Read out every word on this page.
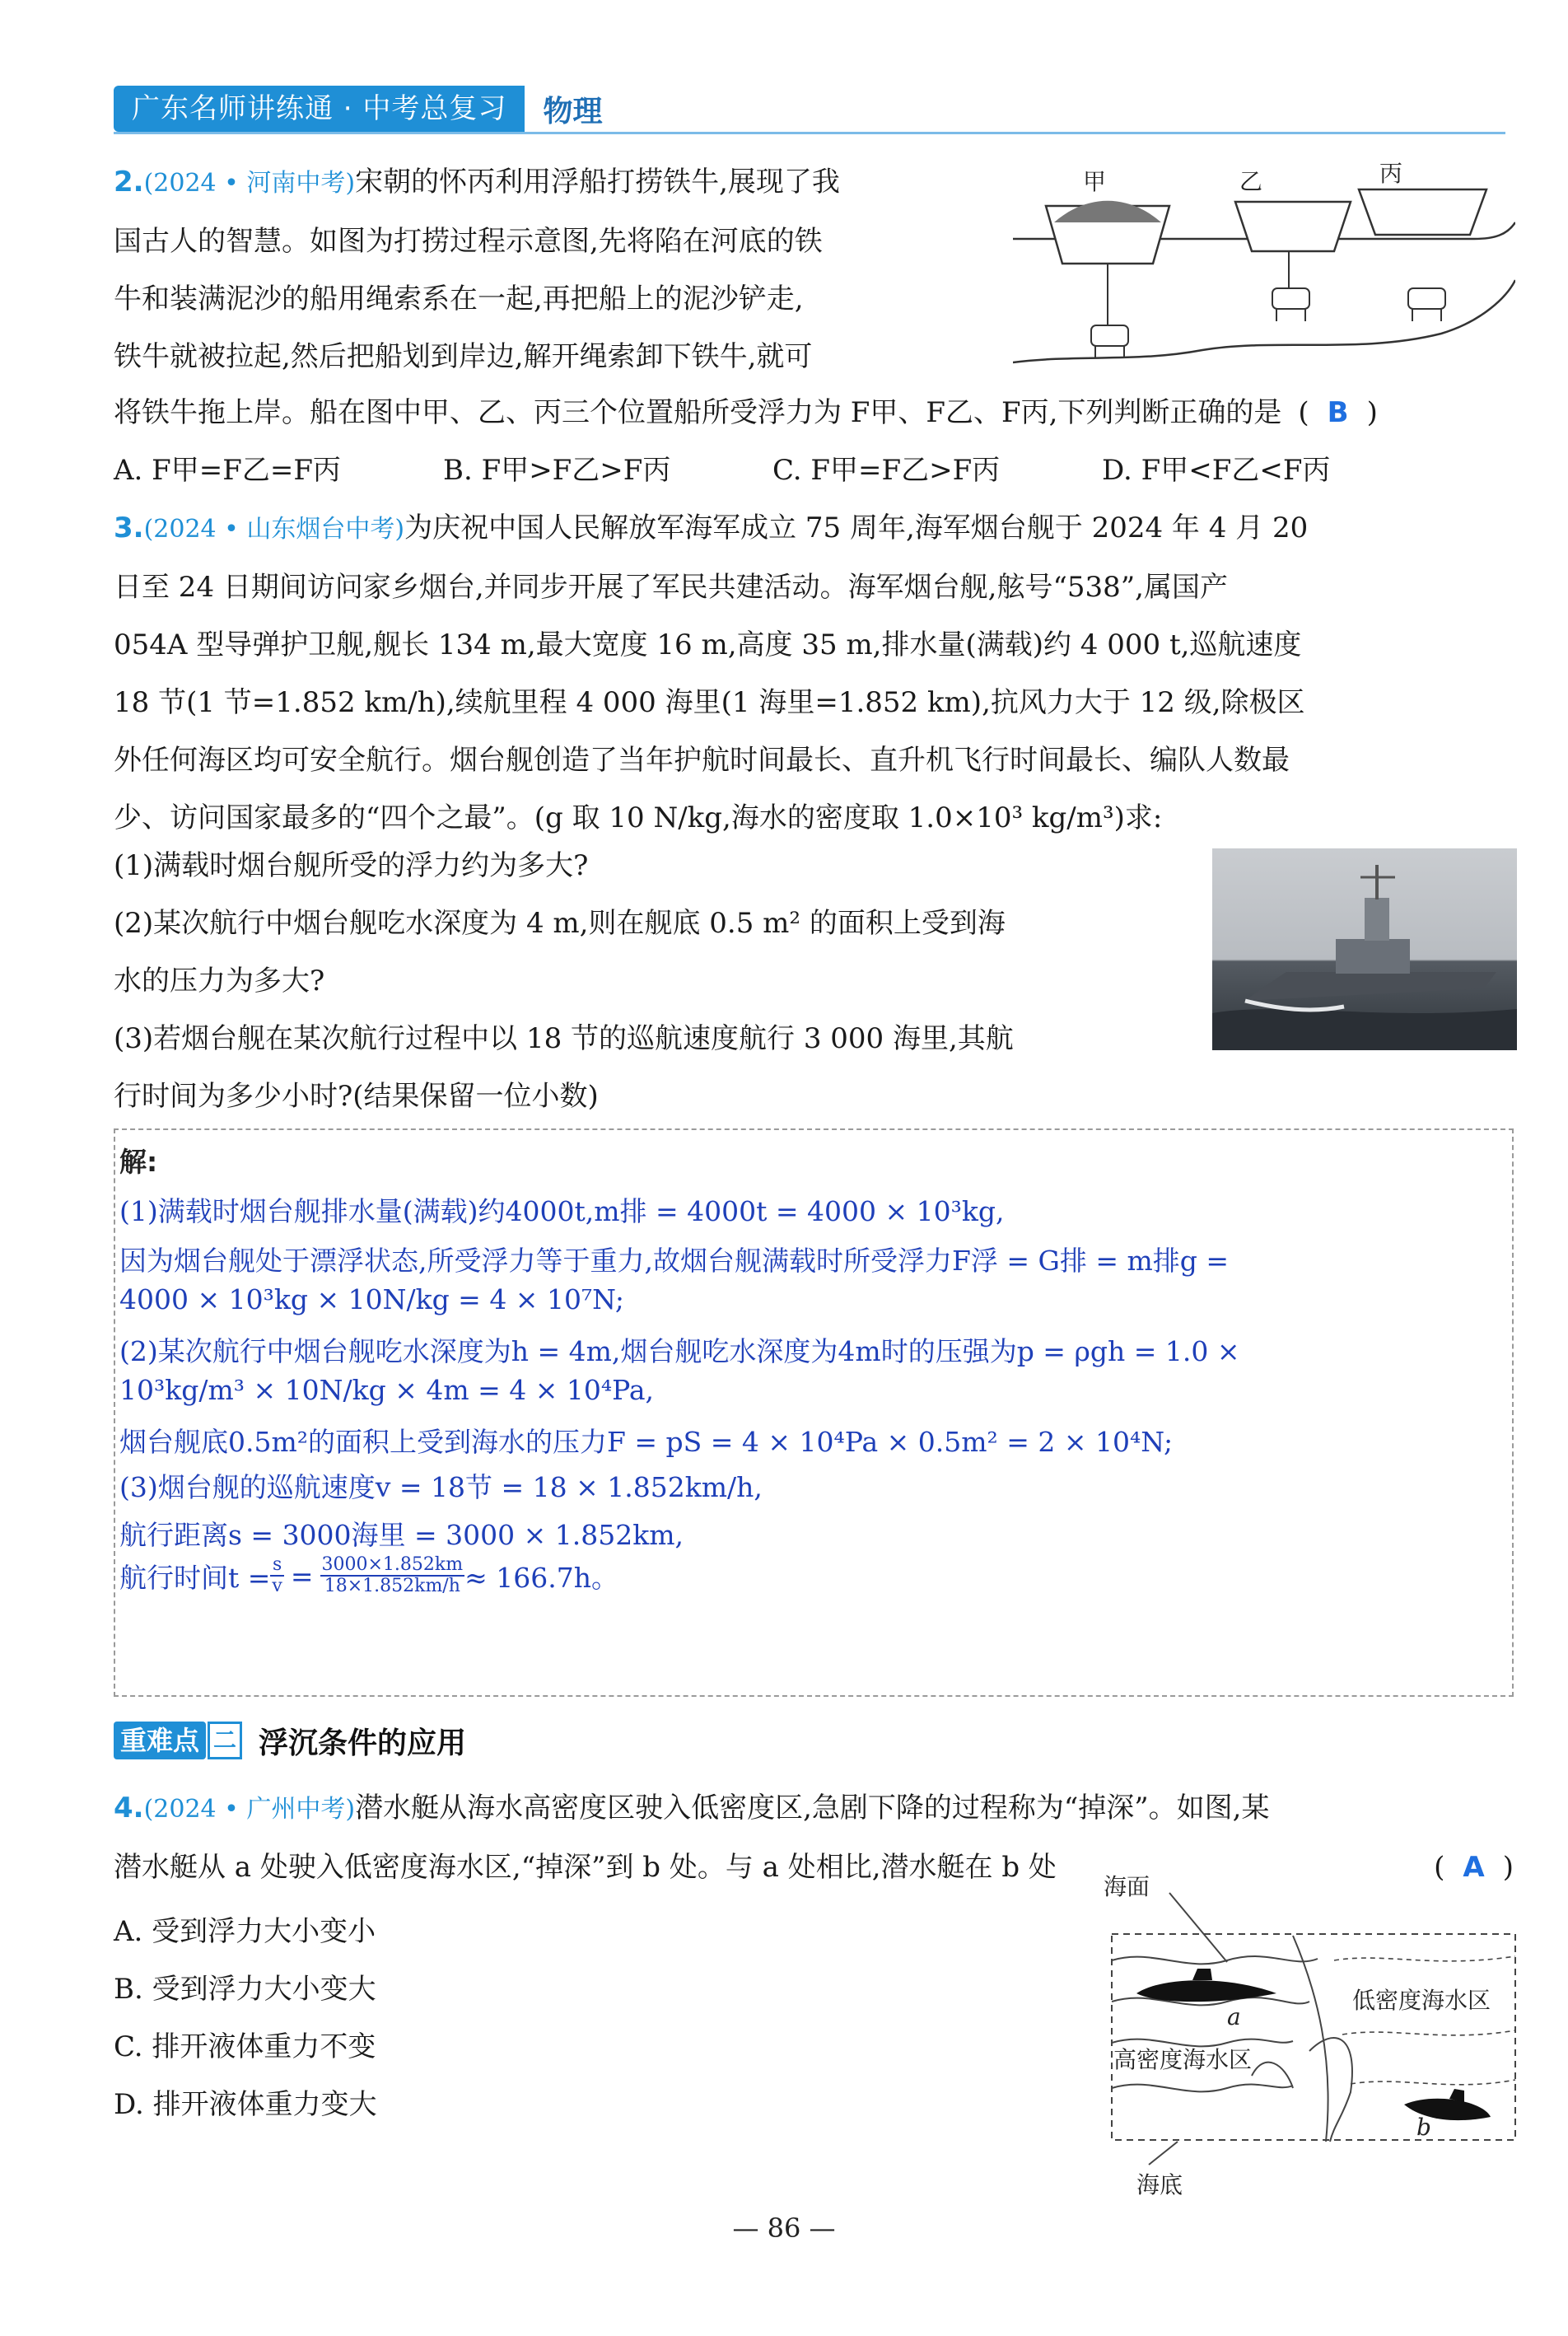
广东名师讲练通 · 中考总复习	物理
2.(2024 • 河南中考)宋朝的怀丙利用浮船打捞铁牛,展现了我
国古人的智慧。如图为打捞过程示意图,先将陷在河底的铁
牛和装满泥沙的船用绳索系在一起,再把船上的泥沙铲走,
铁牛就被拉起,然后把船划到岸边,解开绳索卸下铁牛,就可
将铁牛拖上岸。船在图中甲、乙、丙三个位置船所受浮力为 F甲、F乙、F丙,下列判断正确的是 ( B )
A. F甲=F乙=F丙	B. F甲>F乙>F丙	C. F甲=F乙>F丙	D. F甲<F乙<F丙
甲	乙	丙
3.(2024 • 山东烟台中考)为庆祝中国人民解放军海军成立 75 周年,海军烟台舰于 2024 年 4 月 20
日至 24 日期间访问家乡烟台,并同步开展了军民共建活动。海军烟台舰,舷号“538”,属国产
054A 型导弹护卫舰,舰长 134 m,最大宽度 16 m,高度 35 m,排水量(满载)约 4 000 t,巡航速度
18 节(1 节=1.852 km/h),续航里程 4 000 海里(1 海里=1.852 km),抗风力大于 12 级,除极区
外任何海区均可安全航行。烟台舰创造了当年护航时间最长、直升机飞行时间最长、编队人数最
少、访问国家最多的“四个之最”。(g 取 10 N/kg,海水的密度取 1.0×10³ kg/m³)求:
(1)满载时烟台舰所受的浮力约为多大?
(2)某次航行中烟台舰吃水深度为 4 m,则在舰底 0.5 m² 的面积上受到海
水的压力为多大?
(3)若烟台舰在某次航行过程中以 18 节的巡航速度航行 3 000 海里,其航
行时间为多少小时?(结果保留一位小数)
解:
(1)满载时烟台舰排水量(满载)约4000t,m排 = 4000t = 4000 × 10³kg,
因为烟台舰处于漂浮状态,所受浮力等于重力,故烟台舰满载时所受浮力F浮 = G排 = m排g =
4000 × 10³kg × 10N/kg = 4 × 10⁷N;
(2)某次航行中烟台舰吃水深度为h = 4m,烟台舰吃水深度为4m时的压强为p = ρgh = 1.0 ×
10³kg/m³ × 10N/kg × 4m = 4 × 10⁴Pa,
烟台舰底0.5m²的面积上受到海水的压力F = pS = 4 × 10⁴Pa × 0.5m² = 2 × 10⁴N;
(3)烟台舰的巡航速度v = 18节 = 18 × 1.852km/h,
航行距离s = 3000海里 = 3000 × 1.852km,
航行时间$t = \frac{s}{v} = \frac{3000\times 1.852km}{18\times 1.852km/h} \approx 166.7h$。
重难点 二 浮沉条件的应用
4.(2024 • 广州中考)潜水艇从海水高密度区驶入低密度区,急剧下降的过程称为“掉深”。如图,某
潜水艇从 a 处驶入低密度海水区,“掉深”到 b 处。与 a 处相比,潜水艇在 b 处	( A )
A. 受到浮力大小变小
B. 受到浮力大小变大
C. 排开液体重力不变
D. 排开液体重力变大
海面
低密度海水区
高密度海水区
海底
a
b
— 86 —
